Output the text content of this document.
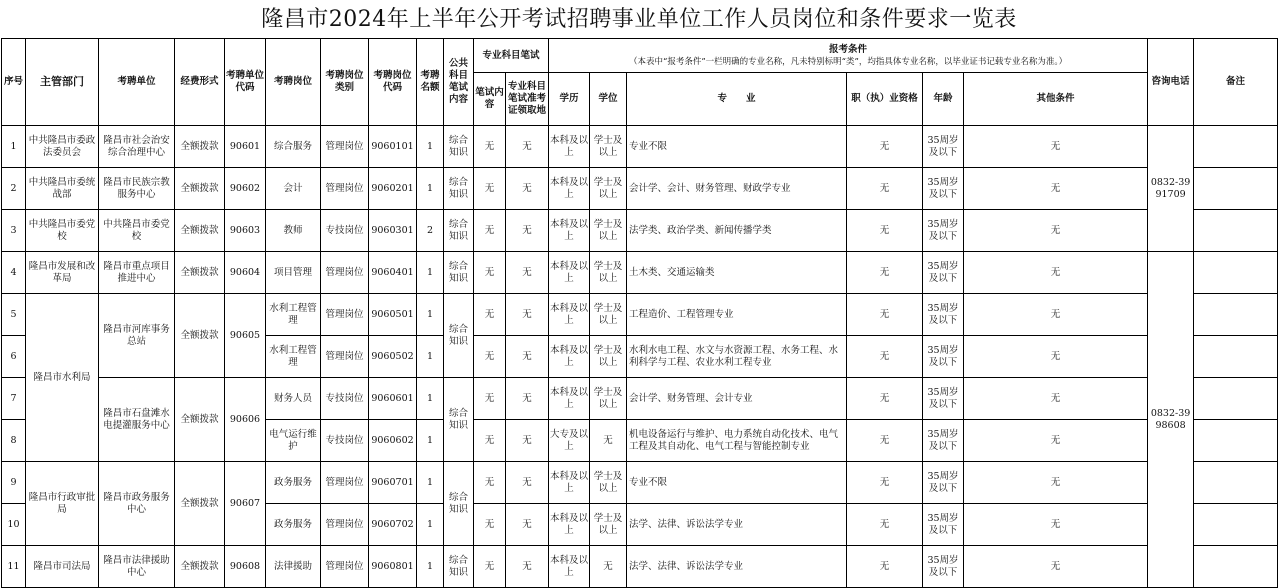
隆昌市2024年上半年公开考试招聘事业单位工作人员岗位和条件要求一览表
序号	主管部门	考聘单位	经费形式	考聘单位代码	考聘岗位	考聘岗位类别	考聘岗位代码	考聘名额	公共科目笔试内容	专业科目笔试		报考条件
（本表中“报考条件”一栏明确的专业名称，凡未特别标明“类”，均指具体专业名称，以毕业证书记载专业名称为准。）						咨询电话	备注
										笔试内容	专业科目笔试准考证领取地	学历	学位	专　　业	职（执）业资格	年龄	其他条件		
1	中共隆昌市委政法委员会	隆昌市社会治安综合治理中心	全额拨款	90601	综合服务	管理岗位	9060101	1	综合知识	无	无	本科及以上	学士及以上	专业不限	无	35周岁及以下	无	0832-3991709	
2	中共隆昌市委统战部	隆昌市民族宗教服务中心	全额拨款	90602	会计	管理岗位	9060201	1	综合知识	无	无	本科及以上	学士及以上	会计学、会计、财务管理、财政学专业	无	35周岁及以下	无		
3	中共隆昌市委党校	中共隆昌市委党校	全额拨款	90603	教师	专技岗位	9060301	2	综合知识	无	无	本科及以上	学士及以上	法学类、政治学类、新闻传播学类	无	35周岁及以下	无		
4	隆昌市发展和改革局	隆昌市重点项目推进中心	全额拨款	90604	项目管理	管理岗位	9060401	1	综合知识	无	无	本科及以上	学士及以上	土木类、交通运输类	无	35周岁及以下	无	0832-3998608	
5	隆昌市水利局	隆昌市河库事务总站	全额拨款	90605	水利工程管理	管理岗位	9060501	1	综合知识	无	无	本科及以上	学士及以上	工程造价、工程管理专业	无	35周岁及以下	无		
6					水利工程管理	管理岗位	9060502	1		无	无	本科及以上	学士及以上	水利水电工程、水文与水资源工程、水务工程、水利科学与工程、农业水利工程专业	无	35周岁及以下	无		
7		隆昌市石盘滩水电提灌服务中心	全额拨款	90606	财务人员	专技岗位	9060601	1	综合知识	无	无	本科及以上	学士及以上	会计学、财务管理、会计专业	无	35周岁及以下	无		
8					电气运行维护	专技岗位	9060602	1		无	无	大专及以上	无	机电设备运行与维护、电力系统自动化技术、电气工程及其自动化、电气工程与智能控制专业	无	35周岁及以下	无		
9	隆昌市行政审批局	隆昌市政务服务中心	全额拨款	90607	政务服务	管理岗位	9060701	1	综合知识	无	无	本科及以上	学士及以上	专业不限	无	35周岁及以下	无		
10					政务服务	管理岗位	9060702	1		无	无	本科及以上	学士及以上	法学、法律、诉讼法学专业	无	35周岁及以下	无		
11	隆昌市司法局	隆昌市法律援助中心	全额拨款	90608	法律援助	管理岗位	9060801	1	综合知识	无	无	本科及以上	无	法学、法律、诉讼法学专业	无	35周岁及以下	无		
